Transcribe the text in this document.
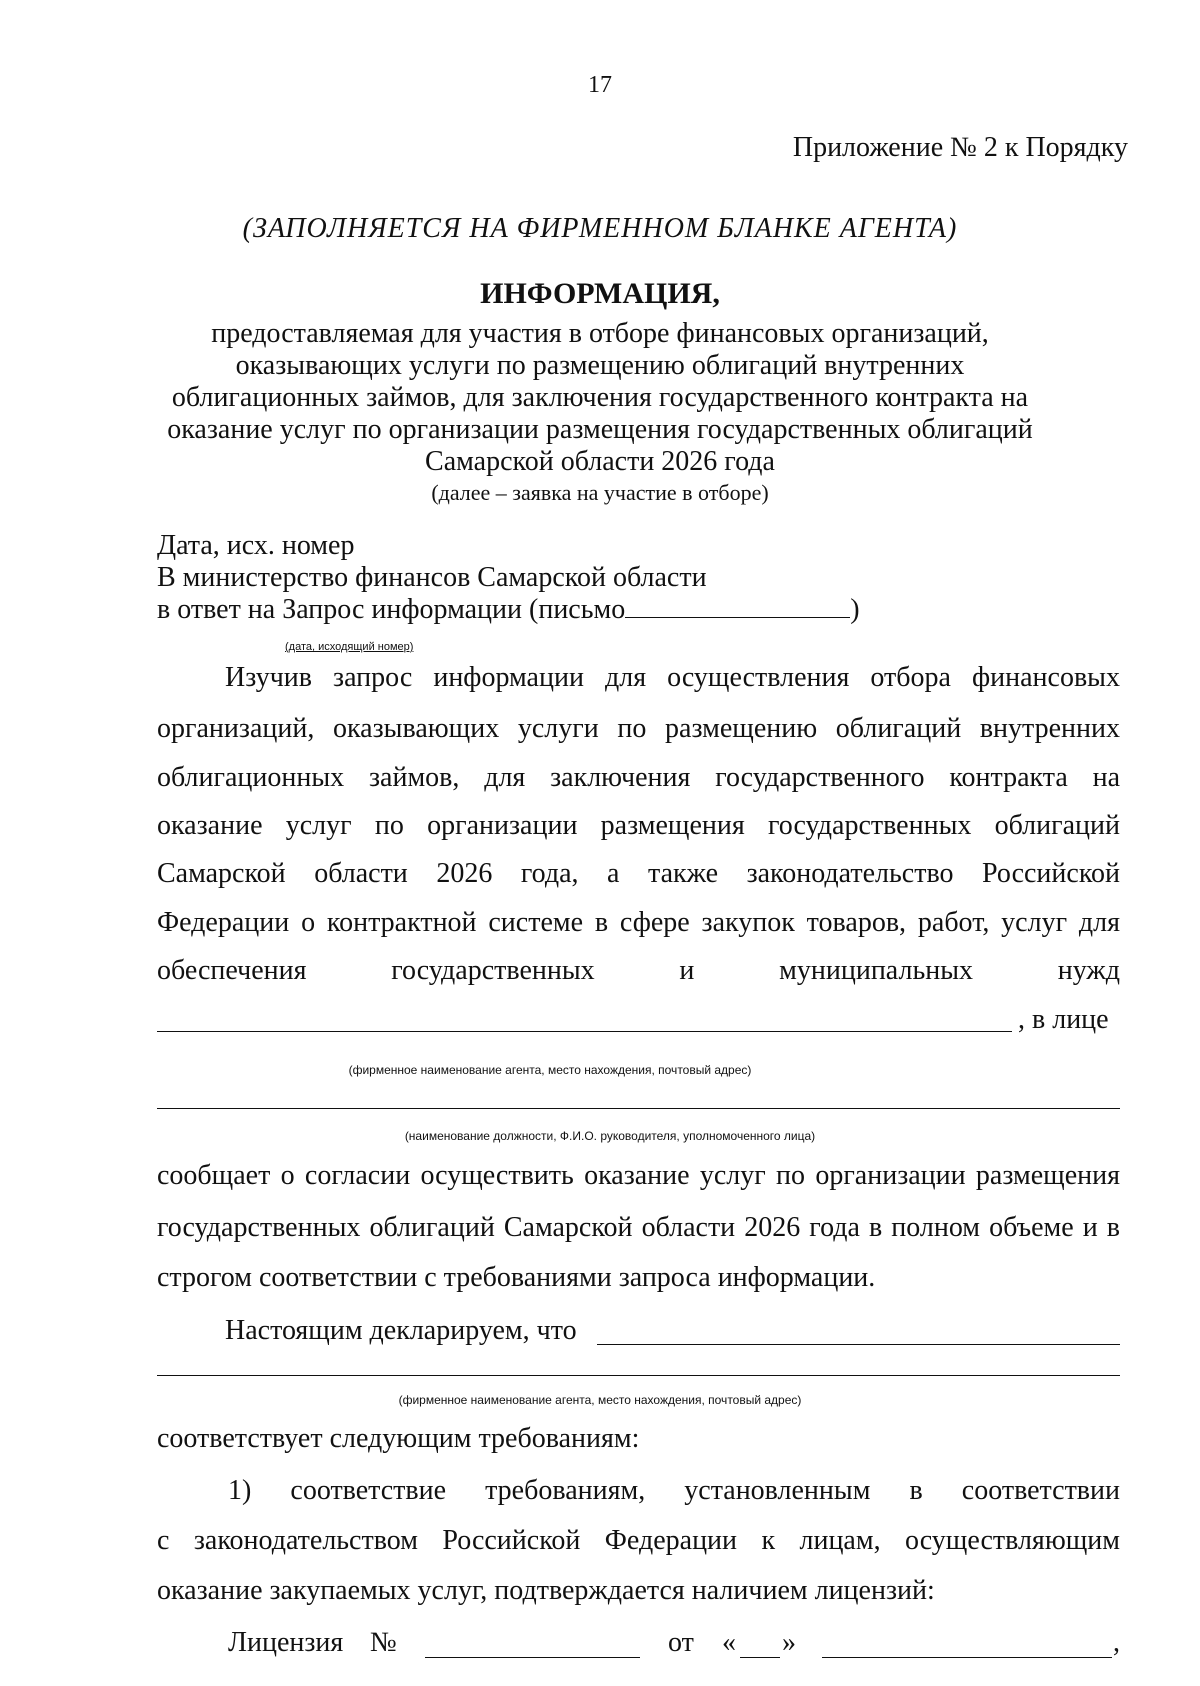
17
Приложение № 2 к Порядку
(ЗАПОЛНЯЕТСЯ НА ФИРМЕННОМ БЛАНКЕ АГЕНТА)
ИНФОРМАЦИЯ,
предоставляемая для участия в отборе финансовых организаций,
оказывающих услуги по размещению облигаций внутренних
облигационных займов, для заключения государственного контракта на
оказание услуг по организации размещения государственных облигаций
Самарской области 2026 года
(далее – заявка на участие в отборе)
Дата, исх. номер
В министерство финансов Самарской области
в ответ на Запрос информации (письмо	)
(дата, исходящий номер)
Изучив запрос информации для осуществления отбора финансовых
организаций, оказывающих услуги по размещению облигаций внутренних
облигационных займов, для заключения государственного контракта на
оказание услуг по организации размещения государственных облигаций
Самарской области 2026 года, а также законодательство Российской
Федерации о контрактной системе в сфере закупок товаров, работ, услуг для
обеспечения государственных и муниципальных нужд
, в лице
(фирменное наименование агента, место нахождения, почтовый адрес)
(наименование должности, Ф.И.О. руководителя, уполномоченного лица)
сообщает о согласии осуществить оказание услуг по организации размещения
государственных облигаций Самарской области 2026 года в полном объеме и в
строгом соответствии с требованиями запроса информации.
Настоящим декларируем, что
(фирменное наименование агента, место нахождения, почтовый адрес)
соответствует следующим требованиям:
1)   соответствие   требованиям,   установленным   в   соответствии
с законодательством Российской Федерации к лицам, осуществляющим
оказание закупаемых услуг, подтверждается наличием лицензий:
Лицензия №	от « »	,
